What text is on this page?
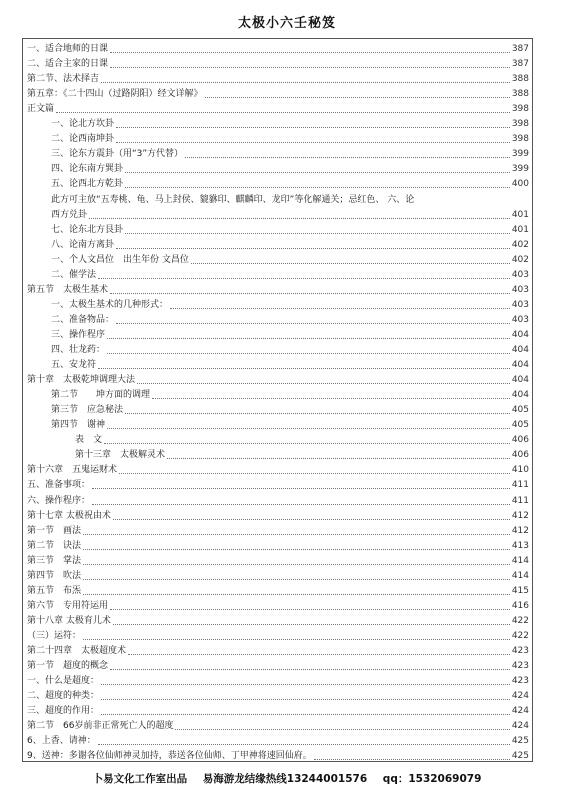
太极小六壬秘笈
一、适合地师的日课	387
二、适合主家的日课	387
第二节、法术择吉	388
第五章：《二十四山（过路阴阳）经文详解》	388
正文篇	398
一、论北方坎卦	398
二、论西南坤卦	398
三、论东方震卦（用“3”方代替）	399
四、论东南方巽卦	399
五、论西北方乾卦	400
此方可主放“五寿桃、龟、马上封侯、貔貅印、麒麟印、龙印”等化解通关；忌红色、 六、论
西方兑卦	401
七、论东北方艮卦	401
八、论南方离卦	402
一、个人文昌位　出生年份 文昌位	402
二、催学法	403
第五节　太极生基术	403
一、太极生基术的几种形式：	403
二、准备物品：	403
三、操作程序	404
四、壮龙药：	404
五、安龙符	404
第十章　太极乾坤调理大法	404
第二节　　坤方面的调理	404
第三节　应急秘法	405
第四节　谢神	405
表　文	406
第十三章　太极解灵术	406
第十六章　五鬼运财术	410
五、准备事项：	411
六、操作程序：	411
第十七章 太极祝由术	412
第一节　画法	412
第二节　诀法	413
第三节　掌法	414
第四节　吹法	414
第五节　布炁	415
第六节　专用符运用	416
第十八章 太极育儿术	422
（三）运符：	422
第二十四章　太极超度术	423
第一节　超度的概念	423
一、什么是超度：	423
二、超度的种类：	424
三、超度的作用：	424
第二节　66岁前非正常死亡人的超度	424
6、上香、请神：	425
9、送神：多谢各位仙师神灵加持，恭送各位仙师、丁甲神将速回仙府。	425
卜易文化工作室出品 易海游龙结缘热线13244001576 qq：1532069079
